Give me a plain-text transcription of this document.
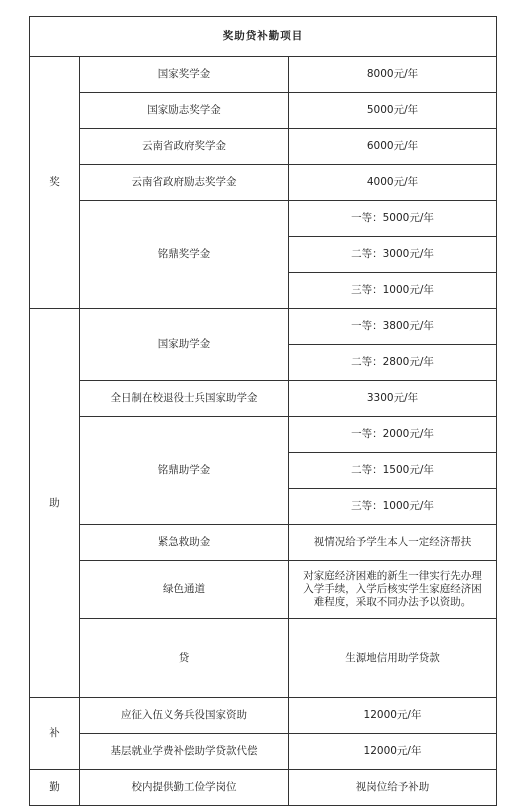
奖助贷补勤项目			
奖	国家奖学金	8000元/年	
	国家励志奖学金	5000元/年	
	云南省政府奖学金	6000元/年	
	云南省政府励志奖学金	4000元/年	
	铭鼎奖学金	一等：5000元/年	
		二等：3000元/年	
		三等：1000元/年	
助	国家助学金	一等：3800元/年	
		二等：2800元/年	
	全日制在校退役士兵国家助学金	3300元/年	
	铭鼎助学金	一等：2000元/年	
		二等：1500元/年	
		三等：1000元/年	
	紧急救助金	视情况给予学生本人一定经济帮扶	
	绿色通道	对家庭经济困难的新生一律实行先办理
入学手续，入学后核实学生家庭经济困
难程度，采取不同办法予以资助。	

	贷	生源地信用助学贷款	
补	应征入伍义务兵役国家资助	12000元/年	
	基层就业学费补偿助学贷款代偿	12000元/年	
勤	校内提供勤工俭学岗位	视岗位给予补助	
